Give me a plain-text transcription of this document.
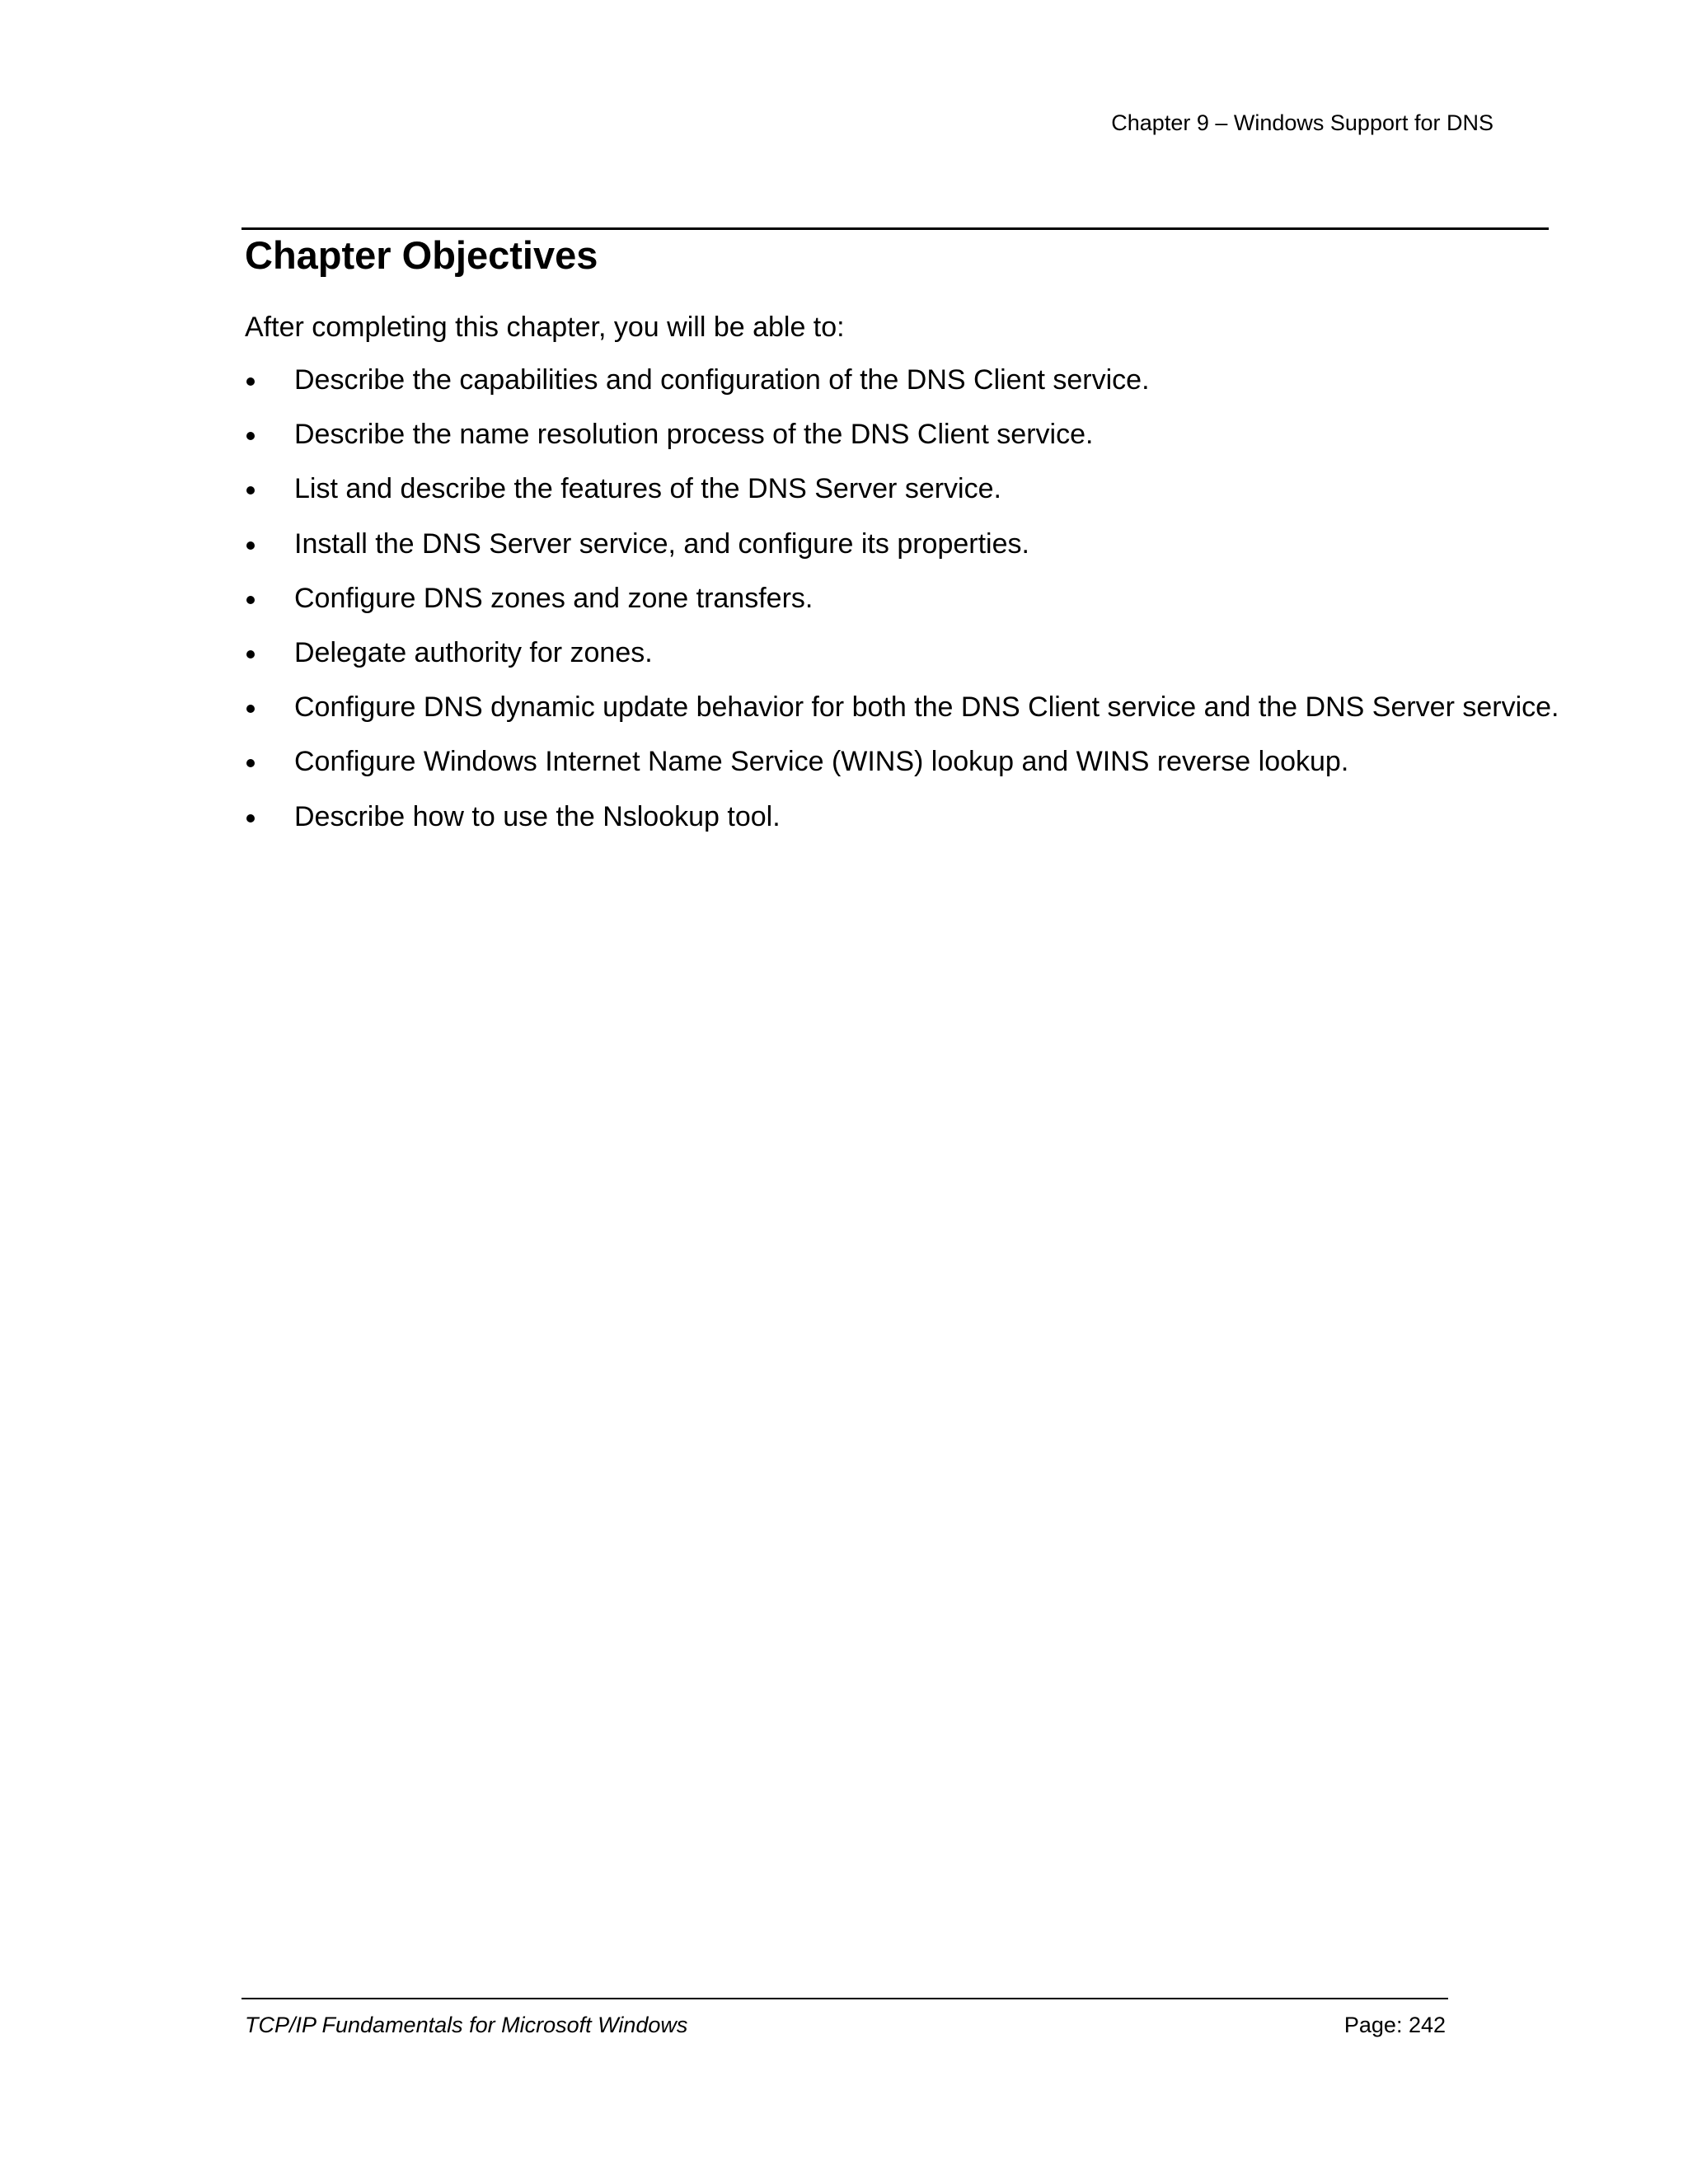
Chapter 9 – Windows Support for DNS
Chapter Objectives

After completing this chapter, you will be able to:

Describe the capabilities and configuration of the DNS Client service.
Describe the name resolution process of the DNS Client service.
List and describe the features of the DNS Server service.
Install the DNS Server service, and configure its properties.
Configure DNS zones and zone transfers.
Delegate authority for zones.
Configure DNS dynamic update behavior for both the DNS Client service and the DNS Server service.
Configure Windows Internet Name Service (WINS) lookup and WINS reverse lookup.
Describe how to use the Nslookup tool.
TCP/IP Fundamentals for Microsoft Windows	Page: 242
